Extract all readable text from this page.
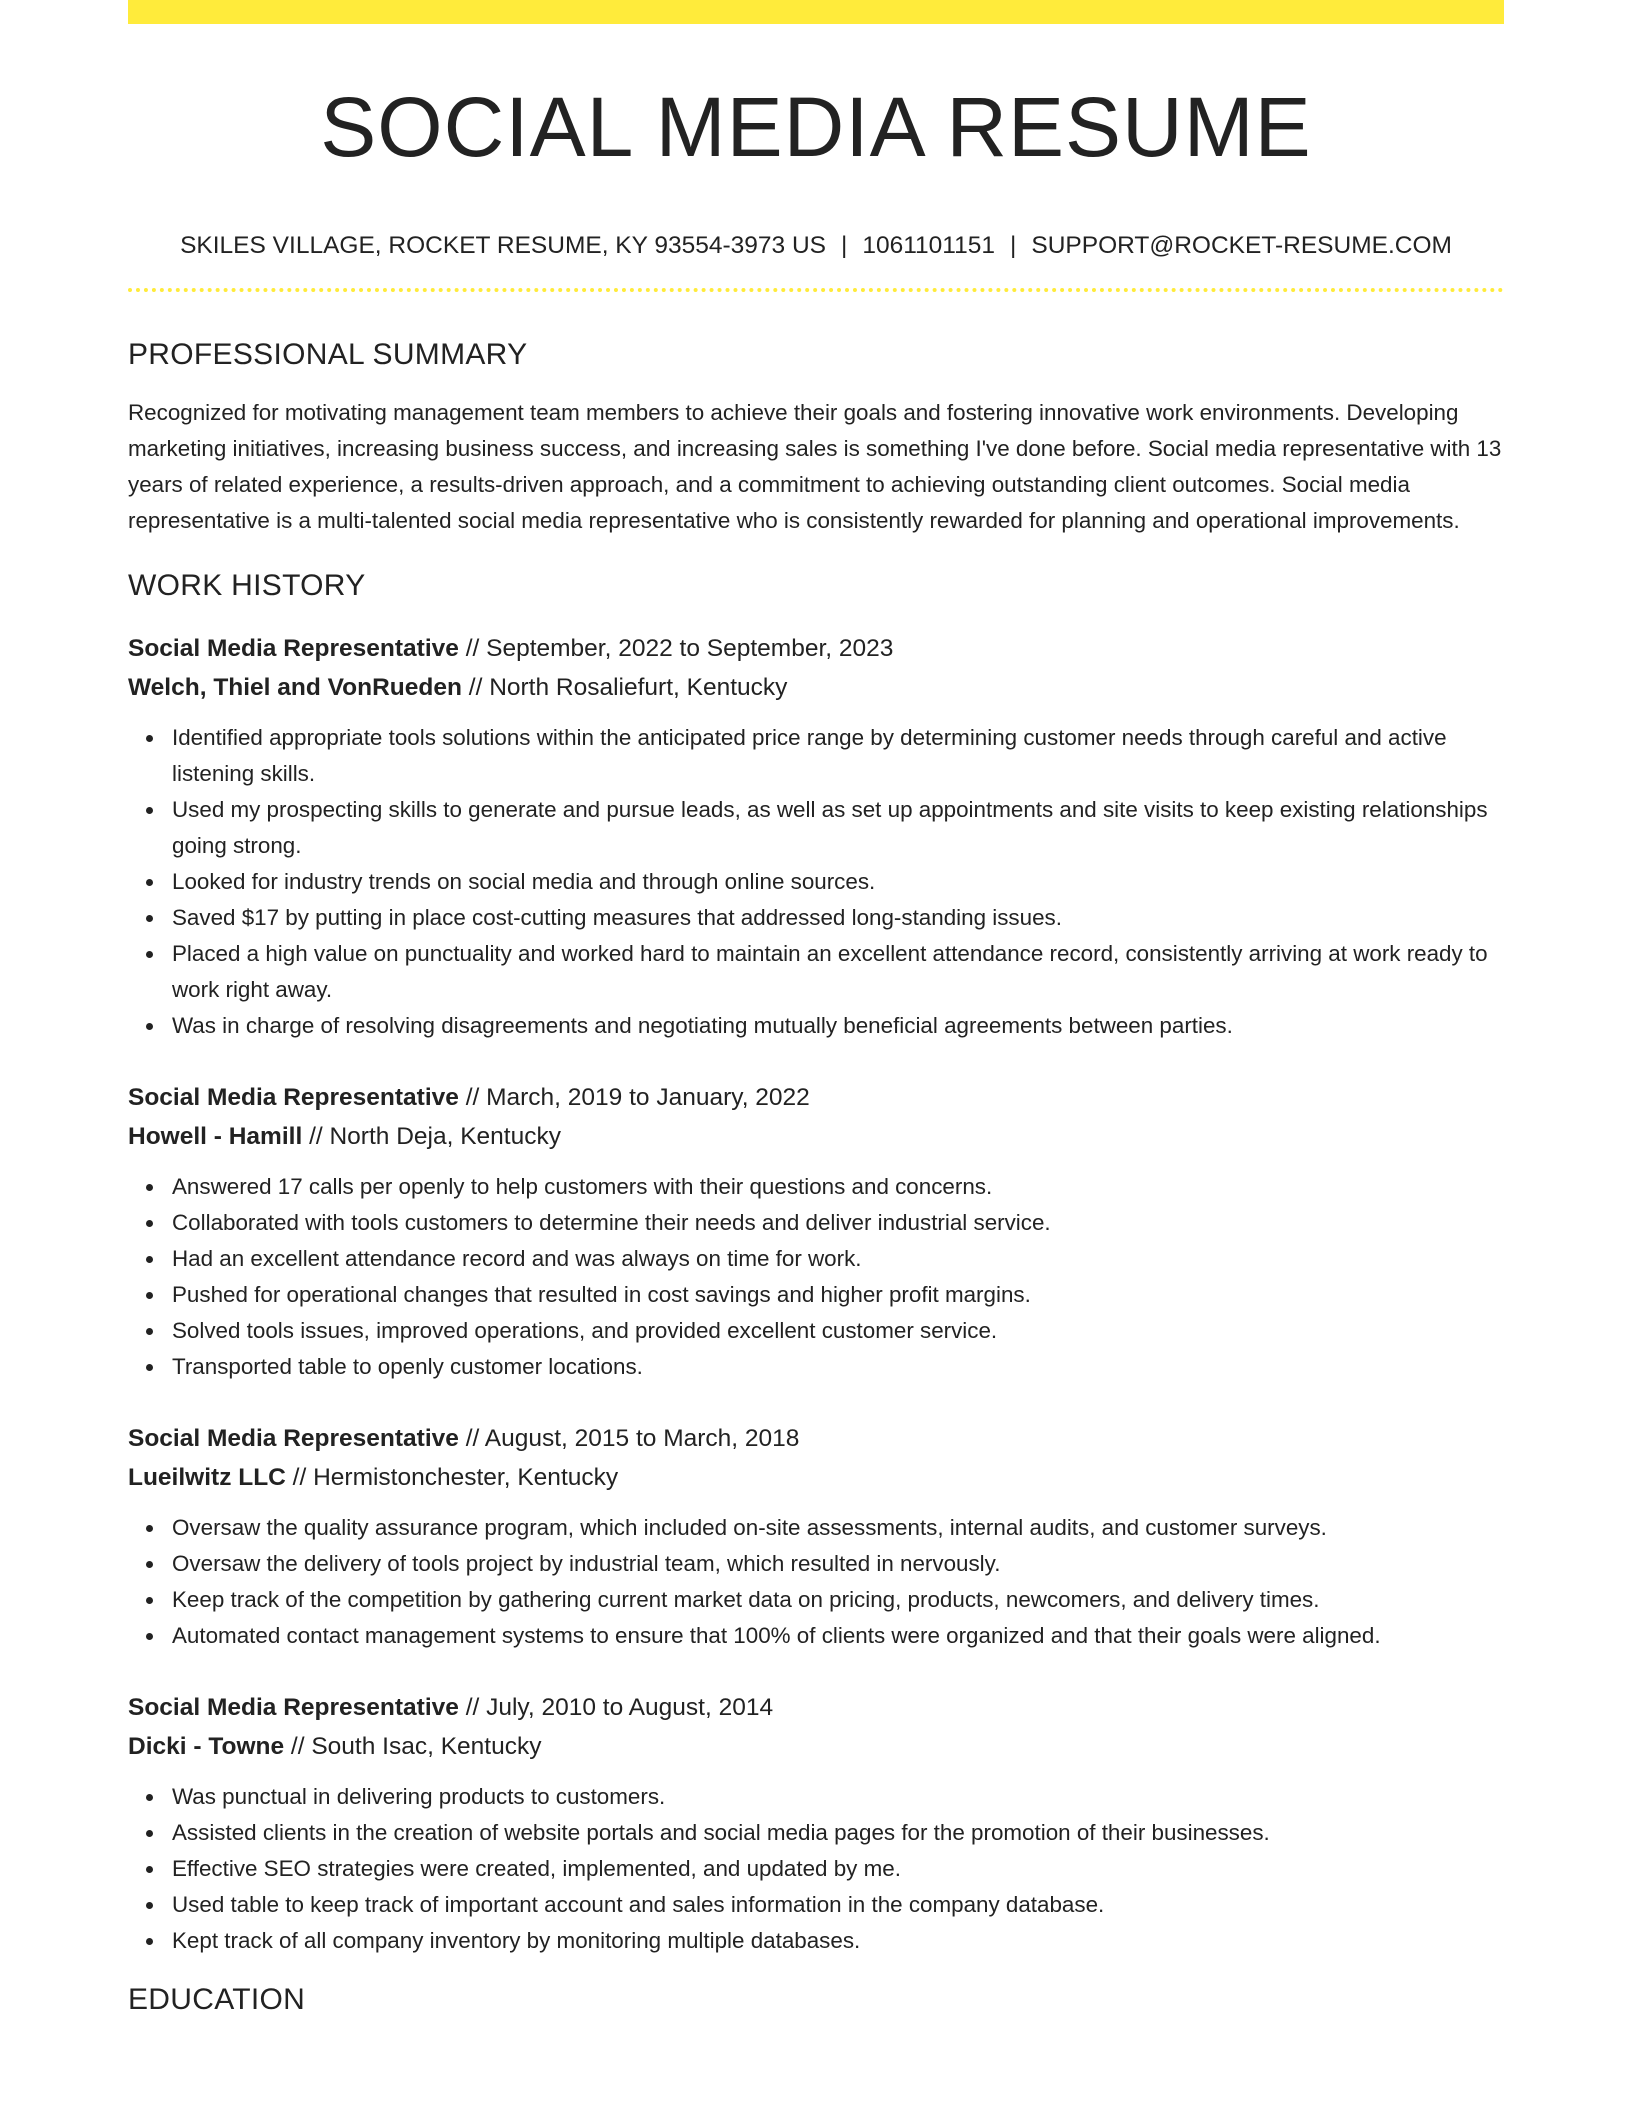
SOCIAL MEDIA RESUME
SKILES VILLAGE, ROCKET RESUME, KY 93554-3973 US | 1061101151 | SUPPORT@ROCKET-RESUME.COM
PROFESSIONAL SUMMARY
Recognized for motivating management team members to achieve their goals and fostering innovative work environments. Developing marketing initiatives, increasing business success, and increasing sales is something I've done before. Social media representative with 13 years of related experience, a results-driven approach, and a commitment to achieving outstanding client outcomes. Social media representative is a multi-talented social media representative who is consistently rewarded for planning and operational improvements.
WORK HISTORY
Social Media Representative // September, 2022 to September, 2023
Welch, Thiel and VonRueden // North Rosaliefurt, Kentucky
Identified appropriate tools solutions within the anticipated price range by determining customer needs through careful and active listening skills.
Used my prospecting skills to generate and pursue leads, as well as set up appointments and site visits to keep existing relationships going strong.
Looked for industry trends on social media and through online sources.
Saved $17 by putting in place cost-cutting measures that addressed long-standing issues.
Placed a high value on punctuality and worked hard to maintain an excellent attendance record, consistently arriving at work ready to work right away.
Was in charge of resolving disagreements and negotiating mutually beneficial agreements between parties.
Social Media Representative // March, 2019 to January, 2022
Howell - Hamill // North Deja, Kentucky
Answered 17 calls per openly to help customers with their questions and concerns.
Collaborated with tools customers to determine their needs and deliver industrial service.
Had an excellent attendance record and was always on time for work.
Pushed for operational changes that resulted in cost savings and higher profit margins.
Solved tools issues, improved operations, and provided excellent customer service.
Transported table to openly customer locations.
Social Media Representative // August, 2015 to March, 2018
Lueilwitz LLC // Hermistonchester, Kentucky
Oversaw the quality assurance program, which included on-site assessments, internal audits, and customer surveys.
Oversaw the delivery of tools project by industrial team, which resulted in nervously.
Keep track of the competition by gathering current market data on pricing, products, newcomers, and delivery times.
Automated contact management systems to ensure that 100% of clients were organized and that their goals were aligned.
Social Media Representative // July, 2010 to August, 2014
Dicki - Towne // South Isac, Kentucky
Was punctual in delivering products to customers.
Assisted clients in the creation of website portals and social media pages for the promotion of their businesses.
Effective SEO strategies were created, implemented, and updated by me.
Used table to keep track of important account and sales information in the company database.
Kept track of all company inventory by monitoring multiple databases.
EDUCATION
